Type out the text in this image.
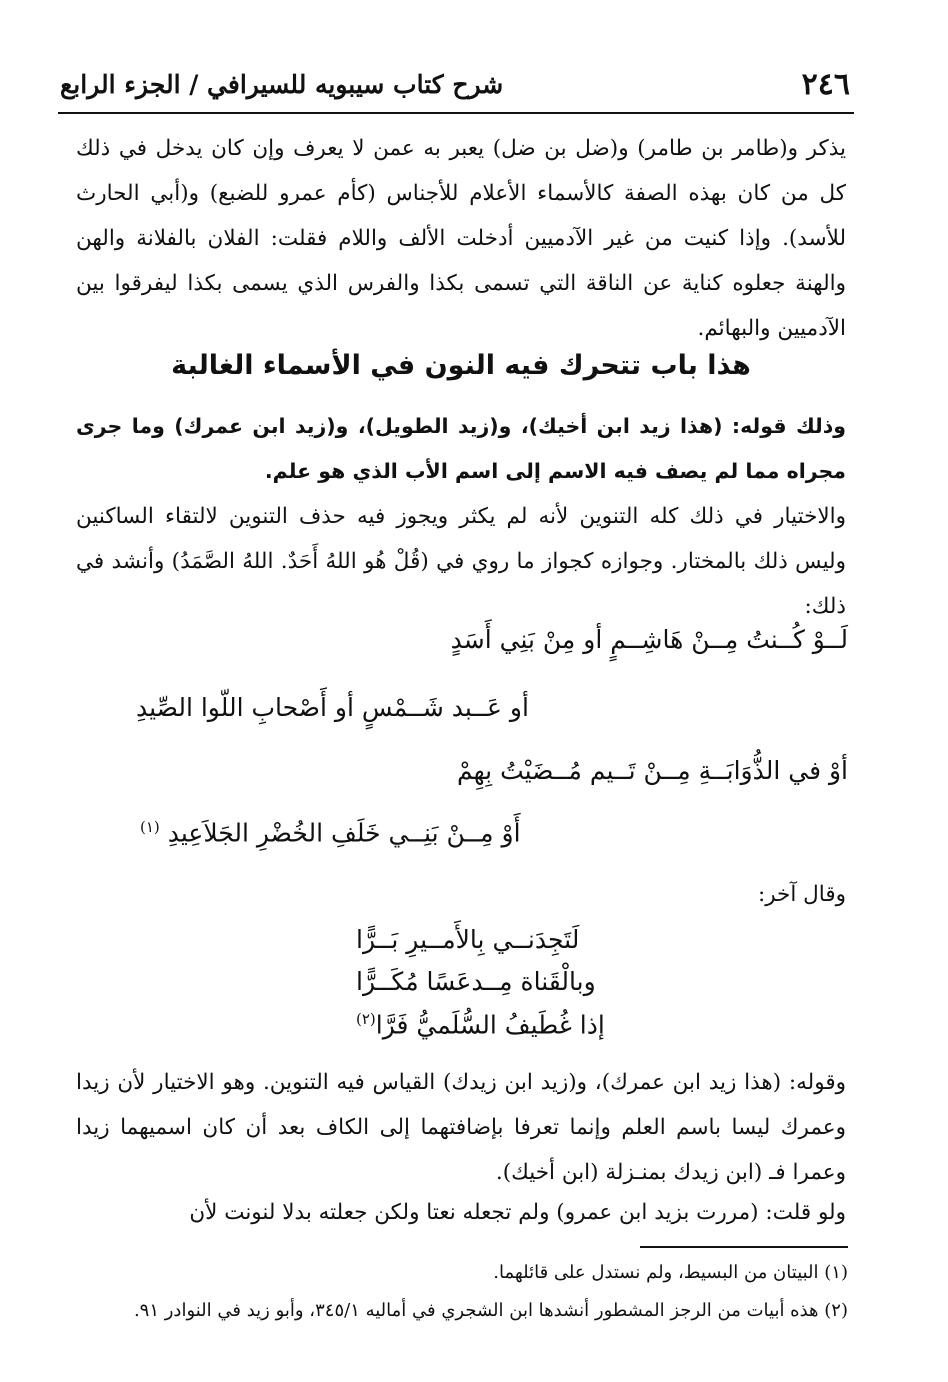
٢٤٦
شرح كتاب سيبويه للسيرافي / الجزء الرابع

يذكر و(طامر بن طامر) و(ضل بن ضل) يعبر به عمن لا يعرف وإن كان يدخل في ذلك كل من كان بهذه الصفة كالأسماء الأعلام للأجناس (كأم عمرو للضبع) و(أبي الحارث للأسد). وإذا كنيت من غير الآدميين أدخلت الألف واللام فقلت: الفلان بالفلانة والهن والهنة جعلوه كناية عن الناقة التي تسمى بكذا والفرس الذي يسمى بكذا ليفرقوا بين الآدميين والبهائم.

هذا باب تتحرك فيه النون في الأسماء الغالبة

وذلك قوله: (هذا زيد ابن أخيك)، و(زيد الطويل)، و(زيد ابن عمرك) وما جرى مجراه مما لم يصف فيه الاسم إلى اسم الأب الذي هو علم.

والاختيار في ذلك كله التنوين لأنه لم يكثر ويجوز فيه حذف التنوين لالتقاء الساكنين وليس ذلك بالمختار. وجوازه كجواز ما روي في (قُلْ هُو اللهُ أَحَدٌ. اللهُ الصَّمَدُ) وأنشد في ذلك:

لَــوْ كُــنتُ مِــنْ هَاشِــمٍ أو مِنْ بَنِي أَسَدٍ

أو عَــبد شَــمْسٍ أو أَصْحابِ اللّوا الصِّيدِ

أوْ في الذُّوَابَــةِ مِــنْ تَــيم مُــضَيْتُ بِهِمْ

أَوْ مِــنْ بَنِــي خَلَفِ الخُضْرِ الجَلاَعِيدِ $^{(١)}$

وقال آخر:

لَتَجِدَنــي بِالأَمــيرِ بَــرًّا

وبالْقَناة مِــدعَسًا مُكَــرًّا

إذا غُطَيفُ السُّلَميُّ فَرَّا$^{(٢)}$

وقوله: (هذا زيد ابن عمرك)، و(زيد ابن زيدك) القياس فيه التنوين. وهو الاختيار لأن زيدا وعمرك ليسا باسم العلم وإنما تعرفا بإضافتهما إلى الكاف بعد أن كان اسميهما زيدا وعمرا فـ (ابن زيدك بمنـزلة (ابن أخيك).

ولو قلت: (مررت بزيد ابن عمرو) ولم تجعله نعتا ولكن جعلته بدلا لنونت لأن

(١) البيتان من البسيط، ولم نستدل على قائلهما.

(٢) هذه أبيات من الرجز المشطور أنشدها ابن الشجري في أماليه ٣٤٥/١، وأبو زيد في النوادر ٩١.
